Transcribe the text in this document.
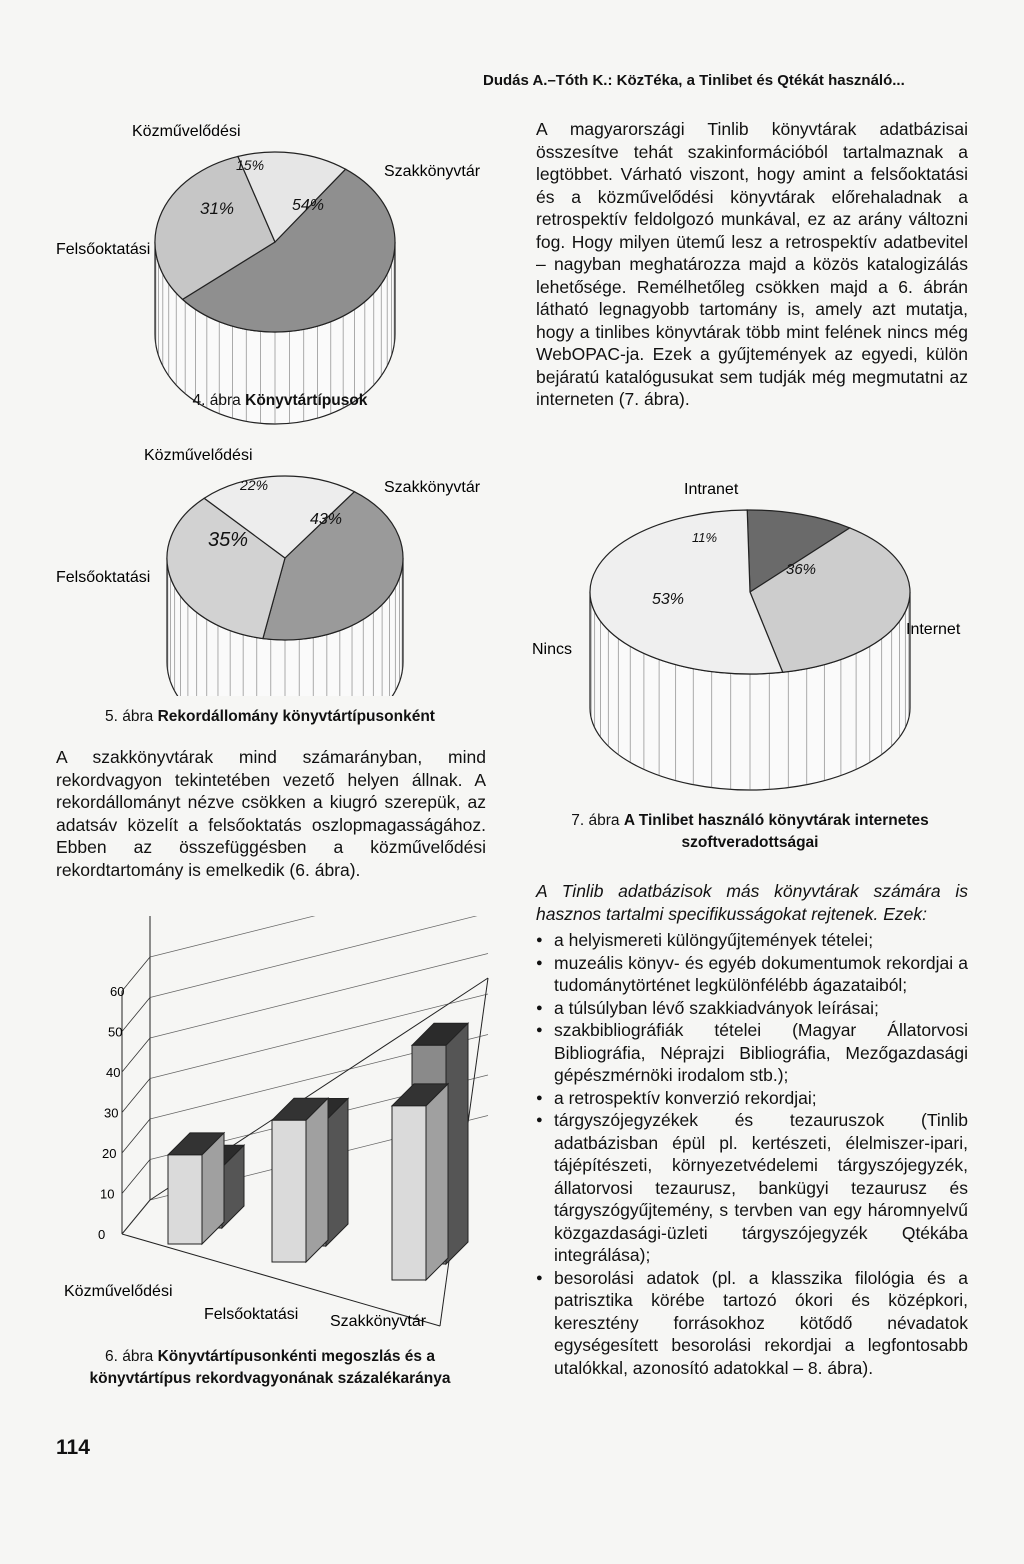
Dudás A.–Tóth K.: KözTéka, a Tinlibet és Qtékát használó...
A magyarországi Tinlib könyvtárak adatbázisai összesítve tehát szakinformációból tartalmaznak a legtöbbet. Várható viszont, hogy amint a felsőoktatási és a közművelődési könyvtárak előrehaladnak a retrospektív feldolgozó munkával, ez az arány változni fog. Hogy milyen ütemű lesz a retrospektív adatbevitel – nagyban meghatározza majd a közös katalogizálás lehetősége. Remélhetőleg csökken majd a 6. ábrán látható legnagyobb tartomány is, amely azt mutatja, hogy a tinlibes könyvtárak több mint felének nincs még WebOPAC-ja. Ezek a gyűjtemények az egyedi, külön bejáratú katalógusukat sem tudják még megmutatni az interneten (7. ábra).
54%
31%
15%
Közművelődési
Szakkönyvtár
Felsőoktatási
4. ábra Könyvtártípusok
43%
35%
22%
Közművelődési
Szakkönyvtár
Felsőoktatási
5. ábra Rekordállomány könyvtártípusonként
A szakkönyvtárak mind számarányban, mind rekordvagyon tekintetében vezető helyen állnak. A rekordállományt nézve csökken a kiugró szerepük, az adatsáv közelít a felsőoktatás oszlopmagasságához. Ebben az összefüggésben a közművelődési rekordtartomány is emelkedik (6. ábra).
0
10
20
30
40
50
60
Közművelődési
Felsőoktatási Szakkönyvtár
6. ábra Könyvtártípusonkénti megoszlás és a könyvtártípus rekordvagyonának százalékaránya
11%
36%
53%
Intranet
Internet
Nincs
7. ábra A Tinlibet használó könyvtárak internetes szoftveradottságai
A Tinlib adatbázisok más könyvtárak számára is hasznos tartalmi specifikusságokat rejtenek. Ezek:
● a helyismereti különgyűjtemények tételei;
● muzeális könyv- és egyéb dokumentumok rekordjai a tudománytörténet legkülönfélébb ágazataiból;
● a túlsúlyban lévő szakkiadványok leírásai;
● szakbibliográfiák tételei (Magyar Állatorvosi Bibliográfia, Néprajzi Bibliográfia, Mezőgazdasági gépészmérnöki irodalom stb.);
● a retrospektív konverzió rekordjai;
● tárgyszójegyzékek és tezauruszok (Tinlib adatbázisban épül pl. kertészeti, élelmiszer-ipari, tájépítészeti, környezetvédelemi tárgyszójegyzék, állatorvosi tezaurusz, bankügyi tezaurusz és tárgyszógyűjtemény, s tervben van egy háromnyelvű közgazdasági-üzleti tárgyszójegyzék Qtékába integrálása);
● besorolási adatok (pl. a klasszika filológia és a patrisztika körébe tartozó ókori és középkori, keresztény forrásokhoz kötődő névadatok egységesített besorolási rekordjai a legfontosabb utalókkal, azonosító adatokkal – 8. ábra).
114
